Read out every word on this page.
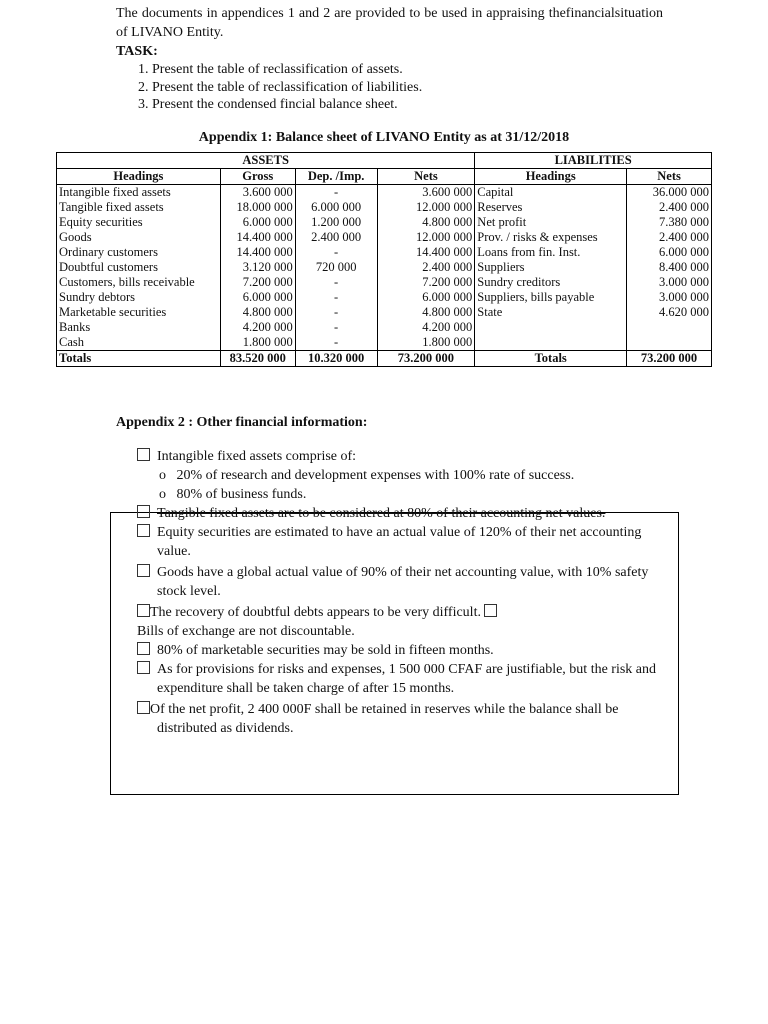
The documents in appendices 1 and 2 are provided to be used in appraising thefinancialsituation of LIVANO Entity.

TASK:

1. Present the table of reclassification of assets.
2. Present the table of reclassification of liabilities.
3. Present the condensed fincial balance sheet.
Appendix 1: Balance sheet of LIVANO Entity as at 31/12/2018
ASSETS				LIABILITIES	
Headings	Gross	Dep. /Imp.	Nets	Headings	Nets
Intangible fixed assets	3.600 000	-	3.600 000	Capital	36.000 000
Tangible fixed assets	18.000 000	6.000 000	12.000 000	Reserves	2.400 000
Equity securities	6.000 000	1.200 000	4.800 000	Net profit	7.380 000
Goods	14.400 000	2.400 000	12.000 000	Prov. / risks & expenses	2.400 000
Ordinary customers	14.400 000	-	14.400 000	Loans from fin. Inst.	6.000 000
Doubtful customers	3.120 000	720 000	2.400 000	Suppliers	8.400 000
Customers, bills receivable	7.200 000	-	7.200 000	Sundry creditors	3.000 000
Sundry debtors	6.000 000	-	6.000 000	Suppliers, bills payable	3.000 000
Marketable securities	4.800 000	-	4.800 000	State	4.620 000
Banks	4.200 000	-	4.200 000		
Cash	1.800 000	-	1.800 000		
Totals	83.520 000	10.320 000	73.200 000	Totals	73.200 000
Appendix 2 : Other financial information:
Intangible fixed assets comprise of:
o 20% of research and development expenses with 100% rate of success.
o 80% of business funds.
Tangible fixed assets are to be considered at 80% of their accounting net values.
Equity securities are estimated to have an actual value of 120% of their net accounting value.
Goods have a global actual value of 90% of their net accounting value, with 10% safety stock level.
The recovery of doubtful debts appears to be very difficult.
Bills of exchange are not discountable.
80% of marketable securities may be sold in fifteen months.
As for provisions for risks and expenses, 1 500 000 CFAF are justifiable, but the risk and expenditure shall be taken charge of after 15 months.
Of the net profit, 2 400 000F shall be retained in reserves while the balance shall be distributed as dividends.
